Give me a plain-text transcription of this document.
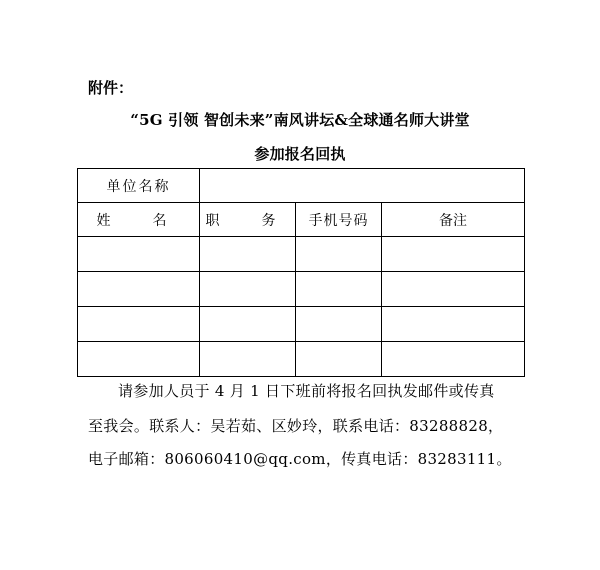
附件：
“5G 引领 智创未来”南风讲坛&全球通名师大讲堂
参加报名回执
单位名称			
姓　名	职　务	手机号码	备注

请参加人员于 4 月 1 日下班前将报名回执发邮件或传真
至我会。联系人：吴若茹、区妙玲，联系电话：83288828，
电子邮箱：806060410@qq.com，传真电话：83283111。
